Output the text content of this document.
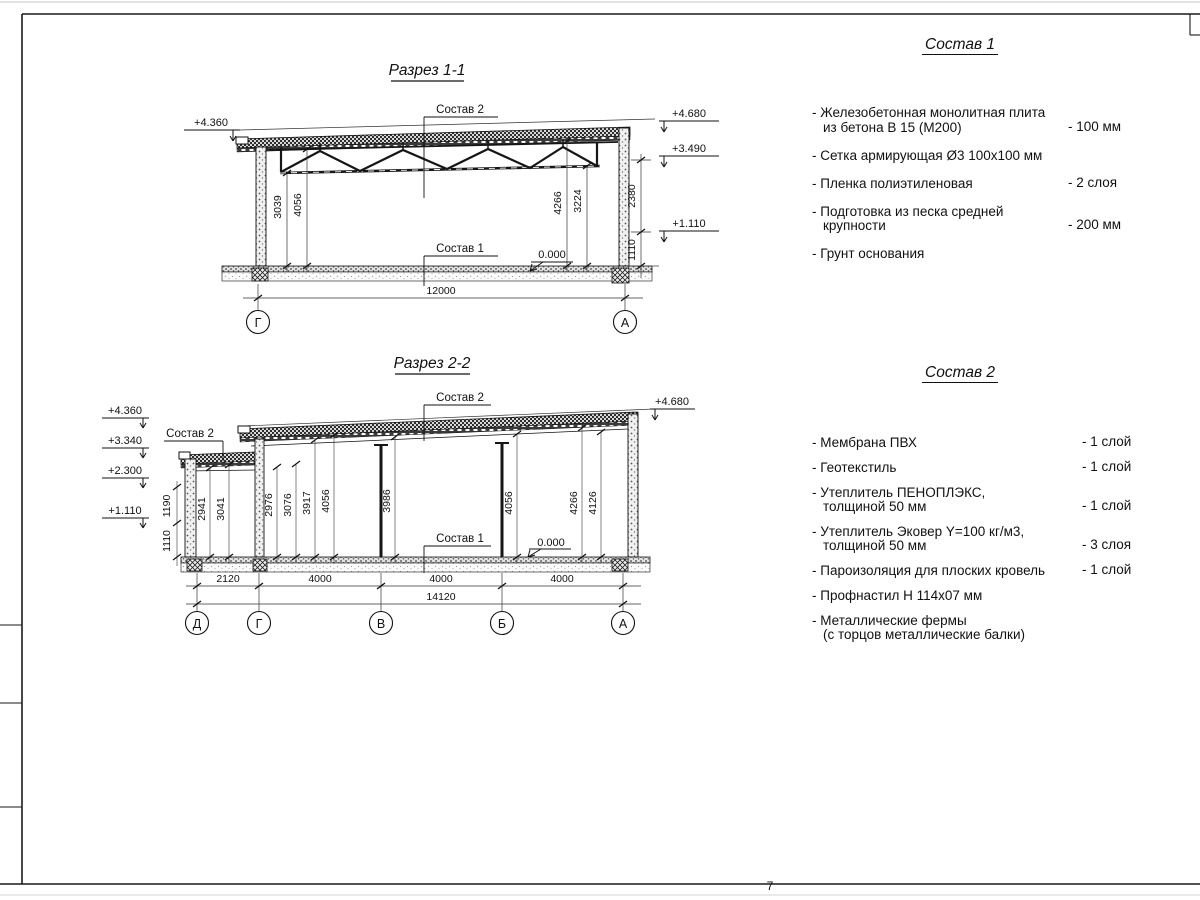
7
Разрез 1-1
3039 4056	4266 3224	2380
1110
+4.360
+4.680
+3.490
+1.110
0.000
Состав 2
Состав 1
12000
Г	А
Разрез 2-2
1190
1110
2941 3041	2976 3076 3917 4056	3986	4056	4266 4126
+4.360
+3.340
+2.300
+1.110
+4.680
0.000
Состав 2
Состав 2
Состав 1
2120	4000	4000	4000
14120
Д	Г	В	Б	А
Состав 1
- Железобетонная монолитная плита
из бетона В 15 (М200)	- 100 мм
- Сетка армирующая Ø3 100х100 мм
- Пленка полиэтиленовая	- 2 слоя
- Подготовка из песка средней
крупности	- 200 мм
- Грунт основания
Состав 2
- Мембрана ПВХ	- 1 слой
- Геотекстиль	- 1 слой
- Утеплитель ПЕНОПЛЭКС,
толщиной 50 мм	- 1 слой
- Утеплитель Эковер Y=100 кг/м3,
толщиной 50 мм	- 3 слоя
- Пароизоляция для плоских кровель	- 1 слой
- Профнастил Н 114х07 мм
- Металлические фермы
(с торцов металлические балки)
